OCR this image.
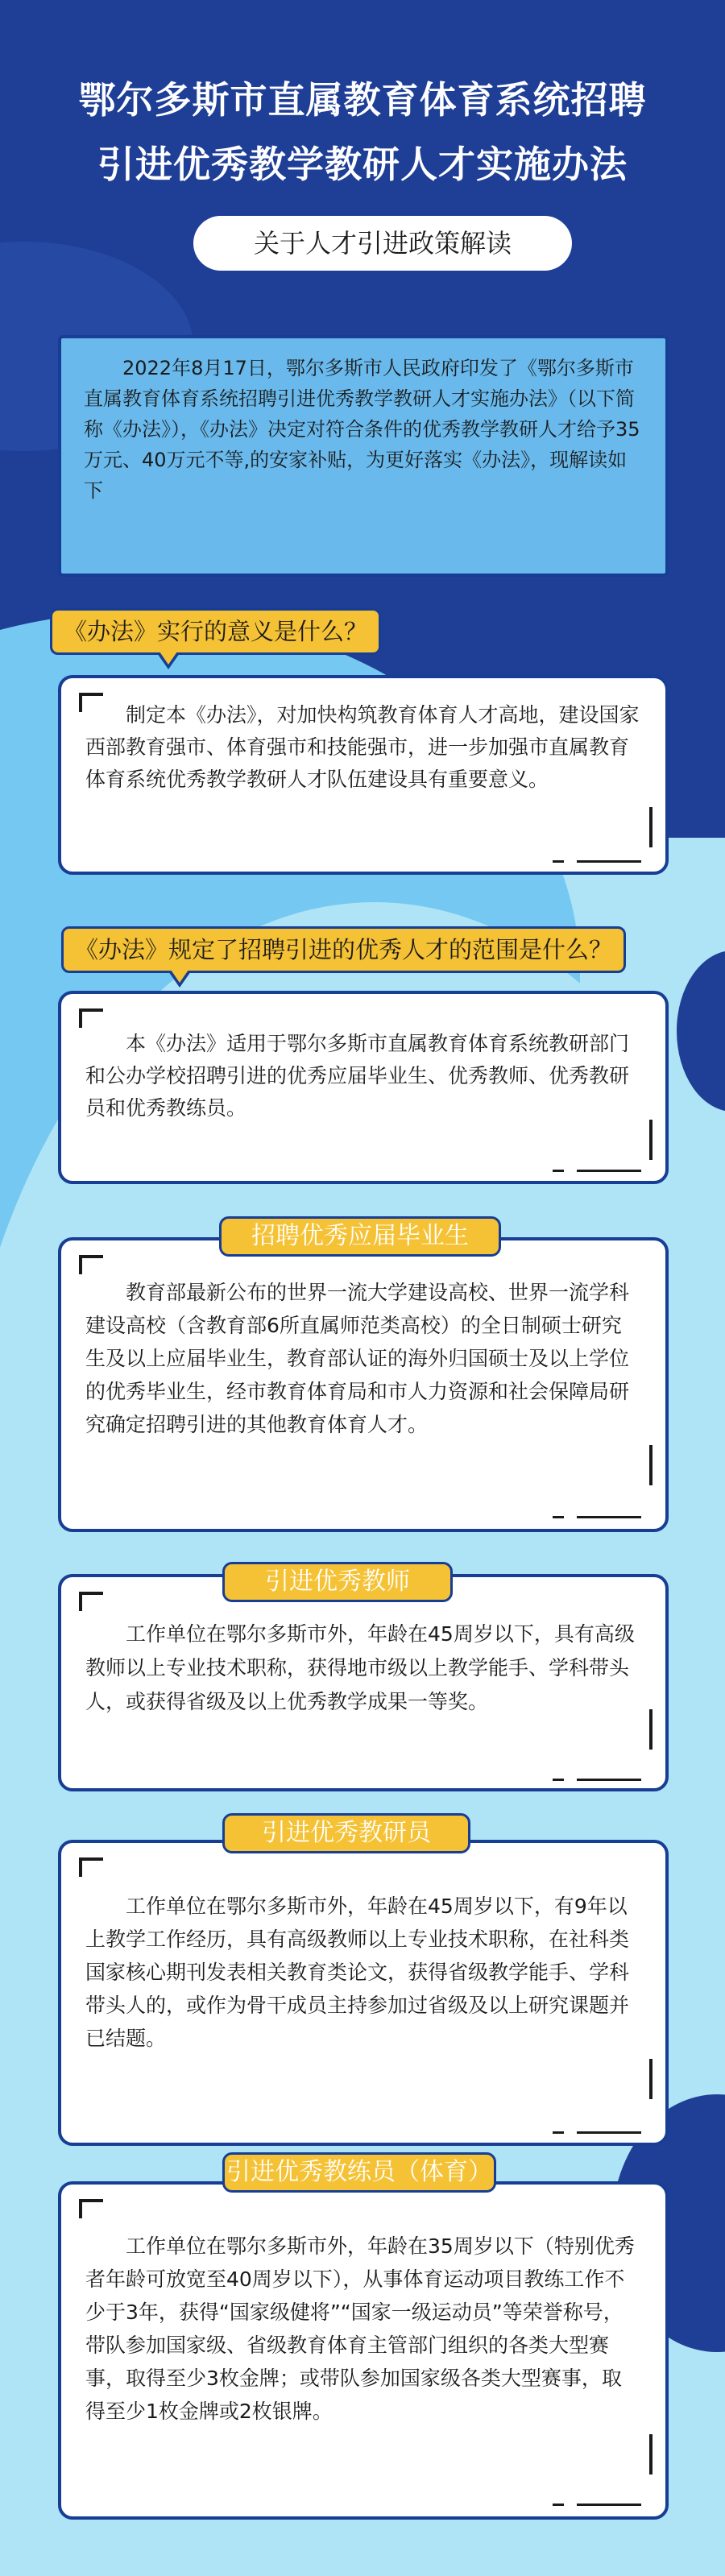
鄂尔多斯市直属教育体育系统招聘
引进优秀教学教研人才实施办法
关于人才引进政策解读
2022年8月17日，鄂尔多斯市人民政府印发了《鄂尔多斯市直属教育体育系统招聘引进优秀教学教研人才实施办法》（以下简称《办法》），《办法》决定对符合条件的优秀教学教研人才给予35万元、40万元不等,的安家补贴，为更好落实《办法》，现解读如下
制定本《办法》，对加快构筑教育体育人才高地，建设国家西部教育强市、体育强市和技能强市，进一步加强市直属教育体育系统优秀教学教研人才队伍建设具有重要意义。
《办法》实行的意义是什么？
本《办法》适用于鄂尔多斯市直属教育体育系统教研部门和公办学校招聘引进的优秀应届毕业生、优秀教师、优秀教研员和优秀教练员。
《办法》规定了招聘引进的优秀人才的范围是什么？
教育部最新公布的世界一流大学建设高校、世界一流学科建设高校（含教育部6所直属师范类高校）的全日制硕士研究生及以上应届毕业生，教育部认证的海外归国硕士及以上学位的优秀毕业生，经市教育体育局和市人力资源和社会保障局研究确定招聘引进的其他教育体育人才。
招聘优秀应届毕业生
工作单位在鄂尔多斯市外，年龄在45周岁以下，具有高级教师以上专业技术职称，获得地市级以上教学能手、学科带头人，或获得省级及以上优秀教学成果一等奖。
引进优秀教师
工作单位在鄂尔多斯市外，年龄在45周岁以下，有9年以上教学工作经历，具有高级教师以上专业技术职称，在社科类国家核心期刊发表相关教育类论文，获得省级教学能手、学科带头人的，或作为骨干成员主持参加过省级及以上研究课题并已结题。
引进优秀教研员
工作单位在鄂尔多斯市外，年龄在35周岁以下（特别优秀者年龄可放宽至40周岁以下），从事体育运动项目教练工作不少于3年，获得“国家级健将”“国家一级运动员”等荣誉称号，带队参加国家级、省级教育体育主管部门组织的各类大型赛事，取得至少3枚金牌；或带队参加国家级各类大型赛事，取得至少1枚金牌或2枚银牌。
引进优秀教练员（体育）
